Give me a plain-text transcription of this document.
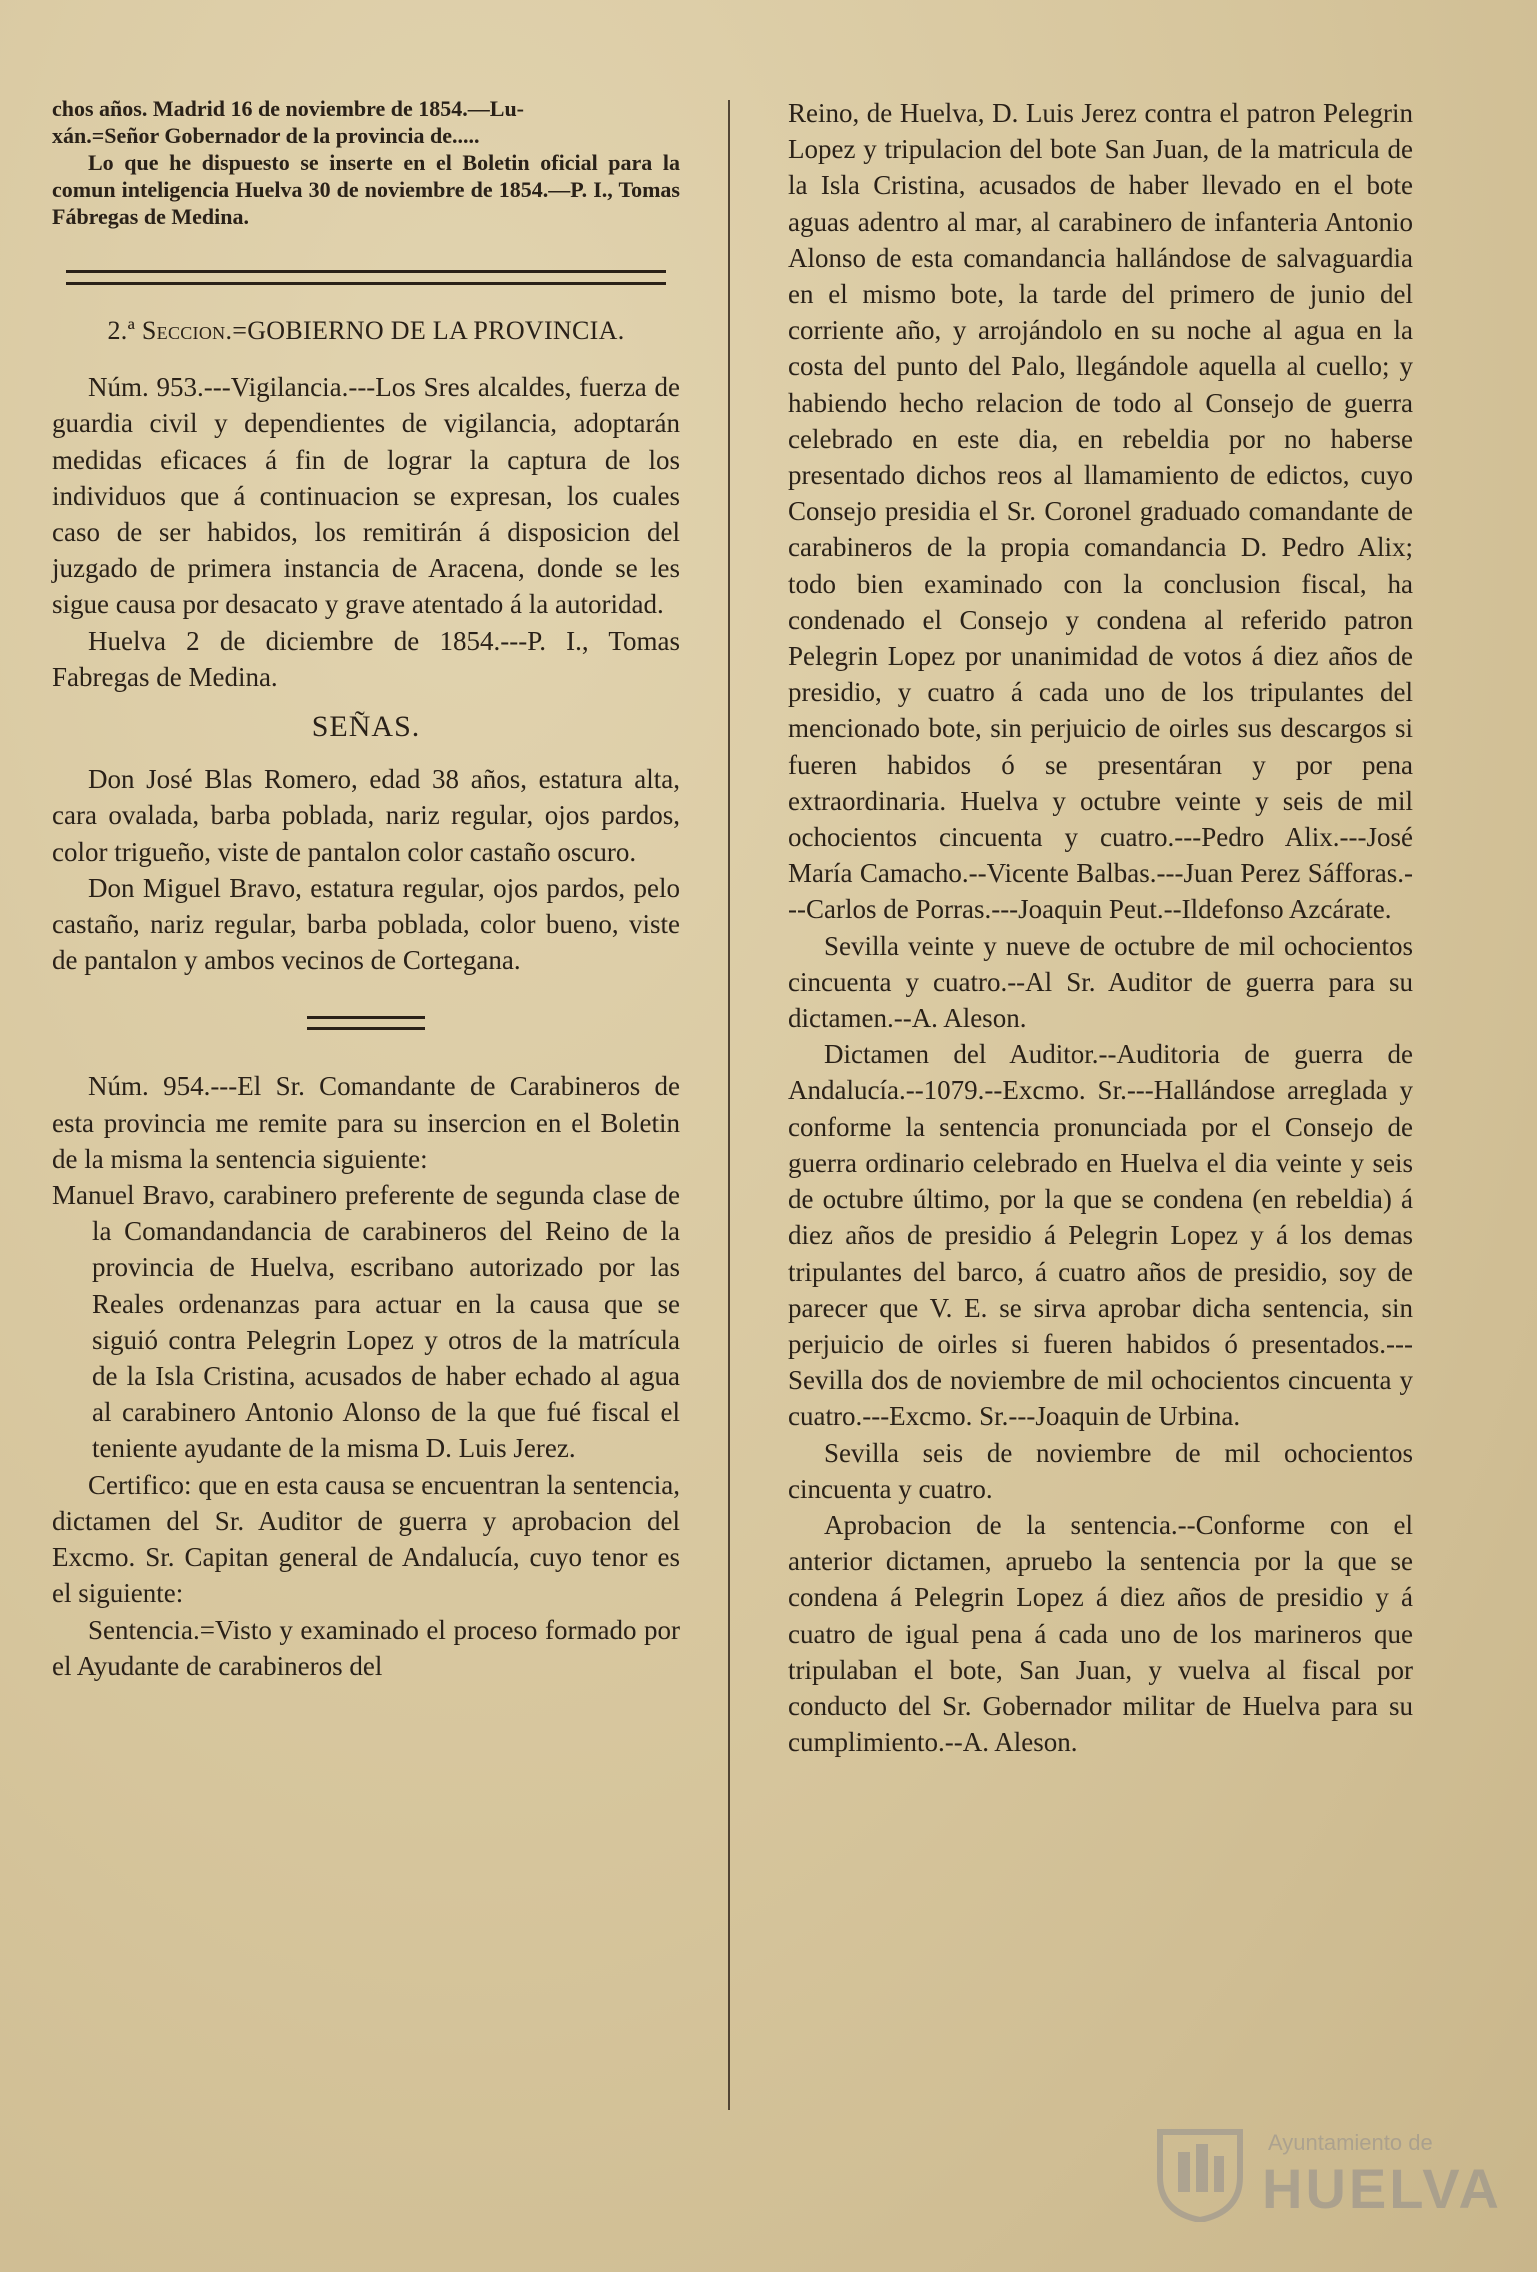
chos años. Madrid 16 de noviembre de 1854.—Lu-

xán.=Señor Gobernador de la provincia de.....

Lo que he dispuesto se inserte en el Boletin oficial para la comun inteligencia Huelva 30 de noviembre de 1854.—P. I., Tomas Fábregas de Medina.

2.ª Seccion.=GOBIERNO DE LA PROVINCIA.

Núm. 953.---Vigilancia.---Los Sres alcaldes, fuerza de guardia civil y dependientes de vigilancia, adoptarán medidas eficaces á fin de lograr la captura de los individuos que á continuacion se expresan, los cuales caso de ser habidos, los remitirán á disposicion del juzgado de primera instancia de Aracena, donde se les sigue causa por desacato y grave atentado á la autoridad.

Huelva 2 de diciembre de 1854.---P. I., Tomas Fabregas de Medina.

SEÑAS.

Don José Blas Romero, edad 38 años, estatura alta, cara ovalada, barba poblada, nariz regular, ojos pardos, color trigueño, viste de pantalon color castaño oscuro.

Don Miguel Bravo, estatura regular, ojos pardos, pelo castaño, nariz regular, barba poblada, color bueno, viste de pantalon y ambos vecinos de Cortegana.

Núm. 954.---El Sr. Comandante de Carabineros de esta provincia me remite para su insercion en el Boletin de la misma la sentencia siguiente:

Manuel Bravo, carabinero preferente de segunda clase de la Comandandancia de carabineros del Reino de la provincia de Huelva, escribano autorizado por las Reales ordenanzas para actuar en la causa que se siguió contra Pelegrin Lopez y otros de la matrícula de la Isla Cristina, acusados de haber echado al agua al carabinero Antonio Alonso de la que fué fiscal el teniente ayudante de la misma D. Luis Jerez.

Certifico: que en esta causa se encuentran la sentencia, dictamen del Sr. Auditor de guerra y aprobacion del Excmo. Sr. Capitan general de Andalucía, cuyo tenor es el siguiente:

Sentencia.=Visto y examinado el proceso formado por el Ayudante de carabineros del

Reino, de Huelva, D. Luis Jerez contra el patron Pelegrin Lopez y tripulacion del bote San Juan, de la matricula de la Isla Cristina, acusados de haber llevado en el bote aguas adentro al mar, al carabinero de infanteria Antonio Alonso de esta comandancia hallándose de salvaguardia en el mismo bote, la tarde del primero de junio del corriente año, y arrojándolo en su noche al agua en la costa del punto del Palo, llegándole aquella al cuello; y habiendo hecho relacion de todo al Consejo de guerra celebrado en este dia, en rebeldia por no haberse presentado dichos reos al llamamiento de edictos, cuyo Consejo presidia el Sr. Coronel graduado comandante de carabineros de la propia comandancia D. Pedro Alix; todo bien examinado con la conclusion fiscal, ha condenado el Consejo y condena al referido patron Pelegrin Lopez por unanimidad de votos á diez años de presidio, y cuatro á cada uno de los tripulantes del mencionado bote, sin perjuicio de oirles sus descargos si fueren habidos ó se presentáran y por pena extraordinaria. Huelva y octubre veinte y seis de mil ochocientos cincuenta y cuatro.---Pedro Alix.---José María Camacho.--Vicente Balbas.---Juan Perez Sáfforas.---Carlos de Porras.---Joaquin Peut.--Ildefonso Azcárate.

Sevilla veinte y nueve de octubre de mil ochocientos cincuenta y cuatro.--Al Sr. Auditor de guerra para su dictamen.--A. Aleson.

Dictamen del Auditor.--Auditoria de guerra de Andalucía.--1079.--Excmo. Sr.---Hallándose arreglada y conforme la sentencia pronunciada por el Consejo de guerra ordinario celebrado en Huelva el dia veinte y seis de octubre último, por la que se condena (en rebeldia) á diez años de presidio á Pelegrin Lopez y á los demas tripulantes del barco, á cuatro años de presidio, soy de parecer que V. E. se sirva aprobar dicha sentencia, sin perjuicio de oirles si fueren habidos ó presentados.---Sevilla dos de noviembre de mil ochocientos cincuenta y cuatro.---Excmo. Sr.---Joaquin de Urbina.

Sevilla seis de noviembre de mil ochocientos cincuenta y cuatro.

Aprobacion de la sentencia.--Conforme con el anterior dictamen, apruebo la sentencia por la que se condena á Pelegrin Lopez á diez años de presidio y á cuatro de igual pena á cada uno de los marineros que tripulaban el bote, San Juan, y vuelva al fiscal por conducto del Sr. Gobernador militar de Huelva para su cumplimiento.--A. Aleson.

Ayuntamiento de
HUELVA
